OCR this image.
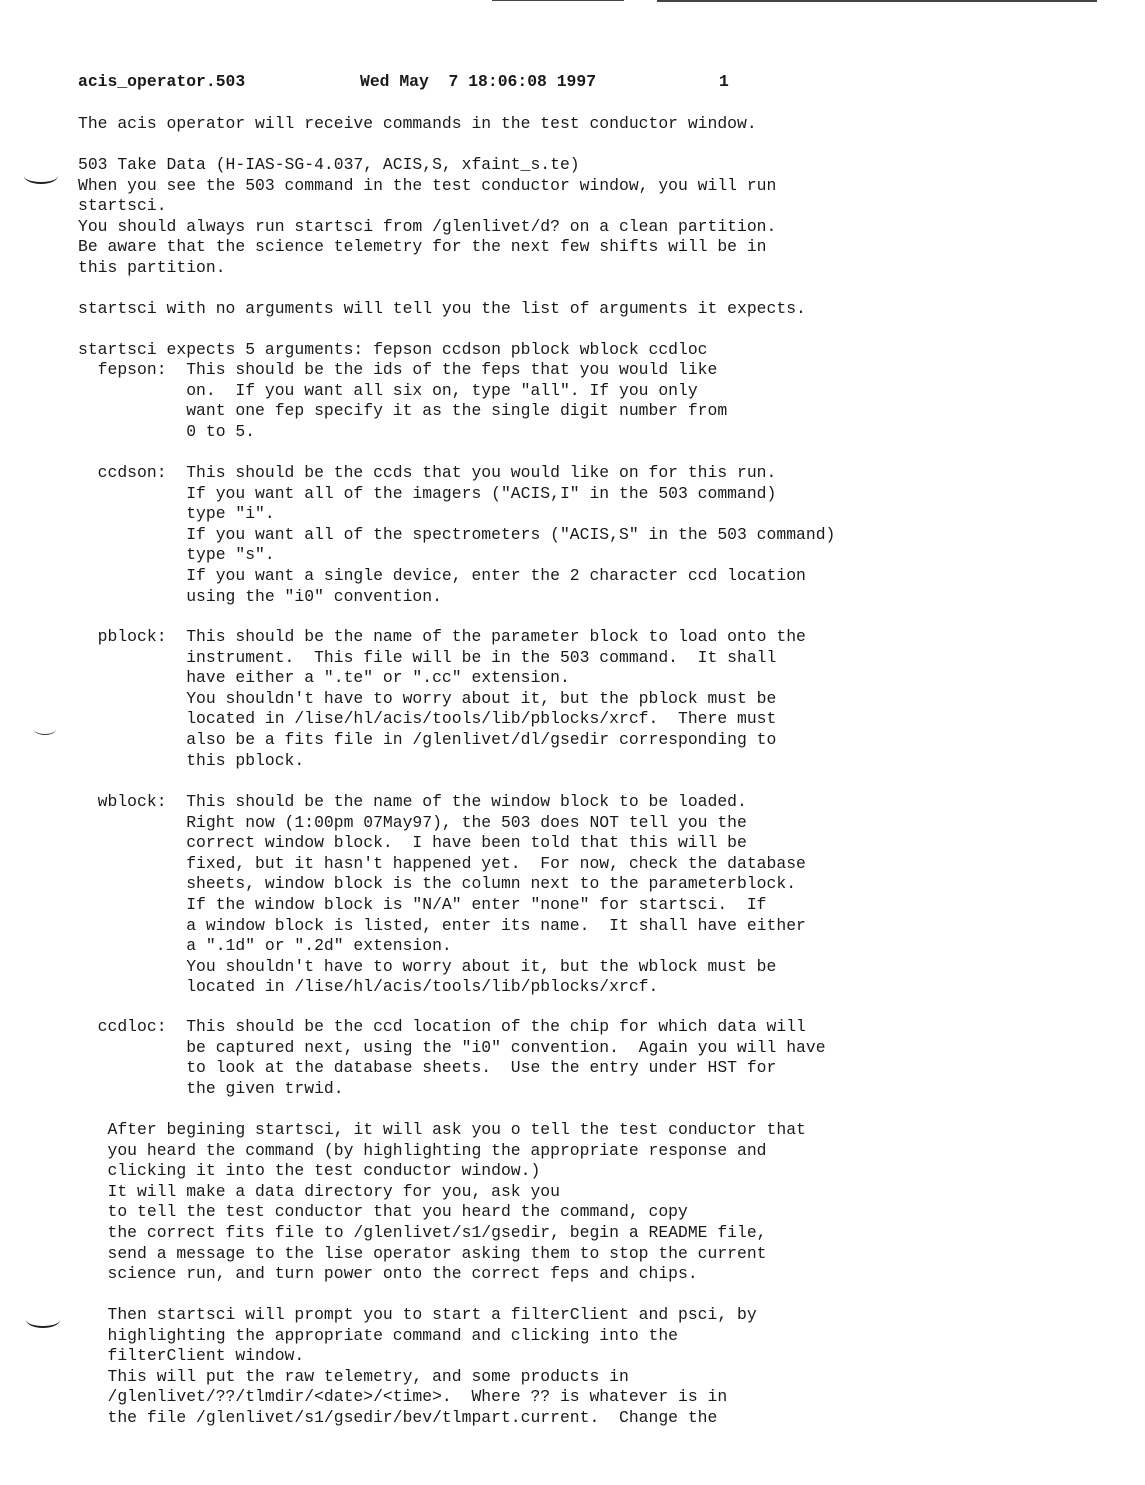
acis_operator.503	Wed May  7 18:06:08 1997	1
The acis operator will receive commands in the test conductor window.
503 Take Data (H-IAS-SG-4.037, ACIS,S, xfaint_s.te)
When you see the 503 command in the test conductor window, you will run
startsci.
You should always run startsci from /glenlivet/d? on a clean partition.
Be aware that the science telemetry for the next few shifts will be in
this partition.
startsci with no arguments will tell you the list of arguments it expects.
startsci expects 5 arguments: fepson ccdson pblock wblock ccdloc
fepson:  This should be the ids of the feps that you would like
on.  If you want all six on, type "all". If you only
want one fep specify it as the single digit number from
0 to 5.
ccdson:  This should be the ccds that you would like on for this run.
If you want all of the imagers ("ACIS,I" in the 503 command)
type "i".
If you want all of the spectrometers ("ACIS,S" in the 503 command)
type "s".
If you want a single device, enter the 2 character ccd location
using the "i0" convention.
pblock:  This should be the name of the parameter block to load onto the
instrument.  This file will be in the 503 command.  It shall
have either a ".te" or ".cc" extension.
You shouldn't have to worry about it, but the pblock must be
located in /lise/hl/acis/tools/lib/pblocks/xrcf.  There must
also be a fits file in /glenlivet/dl/gsedir corresponding to
this pblock.
wblock:  This should be the name of the window block to be loaded.
Right now (1:00pm 07May97), the 503 does NOT tell you the
correct window block.  I have been told that this will be
fixed, but it hasn't happened yet.  For now, check the database
sheets, window block is the column next to the parameterblock.
If the window block is "N/A" enter "none" for startsci.  If
a window block is listed, enter its name.  It shall have either
a ".1d" or ".2d" extension.
You shouldn't have to worry about it, but the wblock must be
located in /lise/hl/acis/tools/lib/pblocks/xrcf.
ccdloc:  This should be the ccd location of the chip for which data will
be captured next, using the "i0" convention.  Again you will have
to look at the database sheets.  Use the entry under HST for
the given trwid.
After begining startsci, it will ask you o tell the test conductor that
you heard the command (by highlighting the appropriate response and
clicking it into the test conductor window.)
It will make a data directory for you, ask you
to tell the test conductor that you heard the command, copy
the correct fits file to /glenlivet/s1/gsedir, begin a README file,
send a message to the lise operator asking them to stop the current
science run, and turn power onto the correct feps and chips.
Then startsci will prompt you to start a filterClient and psci, by
highlighting the appropriate command and clicking into the
filterClient window.
This will put the raw telemetry, and some products in
/glenlivet/??/tlmdir/<date>/<time>.  Where ?? is whatever is in
the file /glenlivet/s1/gsedir/bev/tlmpart.current.  Change the
